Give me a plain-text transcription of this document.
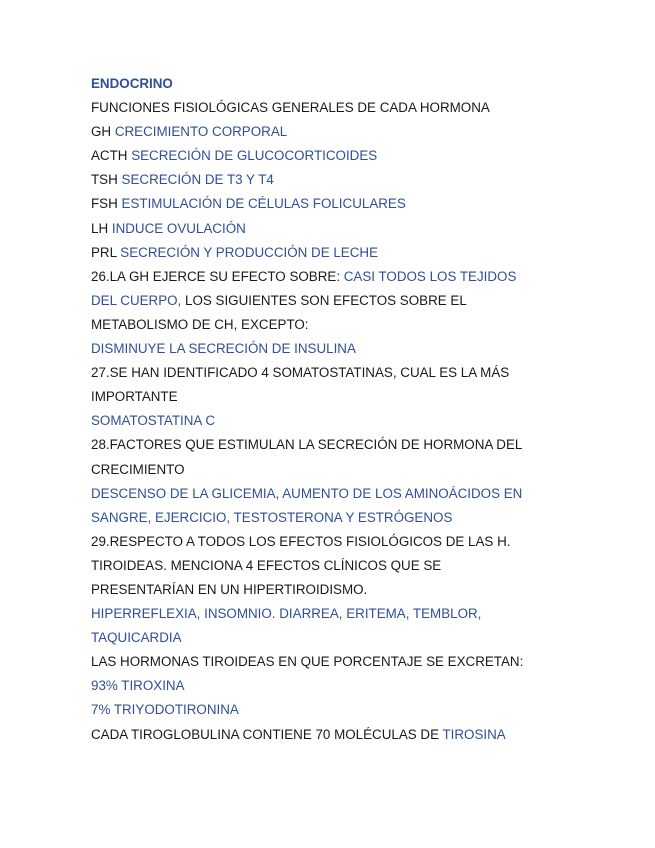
ENDOCRINO
FUNCIONES FISIOLÓGICAS GENERALES DE CADA HORMONA
GH CRECIMIENTO CORPORAL
ACTH SECRECIÓN DE GLUCOCORTICOIDES
TSH SECRECIÓN DE T3 Y T4
FSH ESTIMULACIÓN DE CÉLULAS FOLICULARES
LH INDUCE OVULACIÓN
PRL SECRECIÓN Y PRODUCCIÓN DE LECHE
26.LA GH EJERCE SU EFECTO SOBRE: CASI TODOS LOS TEJIDOS
DEL CUERPO, LOS SIGUIENTES SON EFECTOS SOBRE EL
METABOLISMO DE CH, EXCEPTO:
DISMINUYE LA SECRECIÓN DE INSULINA
27.SE HAN IDENTIFICADO 4 SOMATOSTATINAS, CUAL ES LA MÁS
IMPORTANTE
SOMATOSTATINA C
28.FACTORES QUE ESTIMULAN LA SECRECIÓN DE HORMONA DEL
CRECIMIENTO
DESCENSO DE LA GLICEMIA, AUMENTO DE LOS AMINOÁCIDOS EN
SANGRE, EJERCICIO, TESTOSTERONA Y ESTRÓGENOS
29.RESPECTO A TODOS LOS EFECTOS FISIOLÓGICOS DE LAS H.
TIROIDEAS. MENCIONA 4 EFECTOS CLÍNICOS QUE SE
PRESENTARÍAN EN UN HIPERTIROIDISMO.
HIPERREFLEXIA, INSOMNIO. DIARREA, ERITEMA, TEMBLOR,
TAQUICARDIA
LAS HORMONAS TIROIDEAS EN QUE PORCENTAJE SE EXCRETAN:
93% TIROXINA
7% TRIYODOTIRONINA
CADA TIROGLOBULINA CONTIENE 70 MOLÉCULAS DE TIROSINA
